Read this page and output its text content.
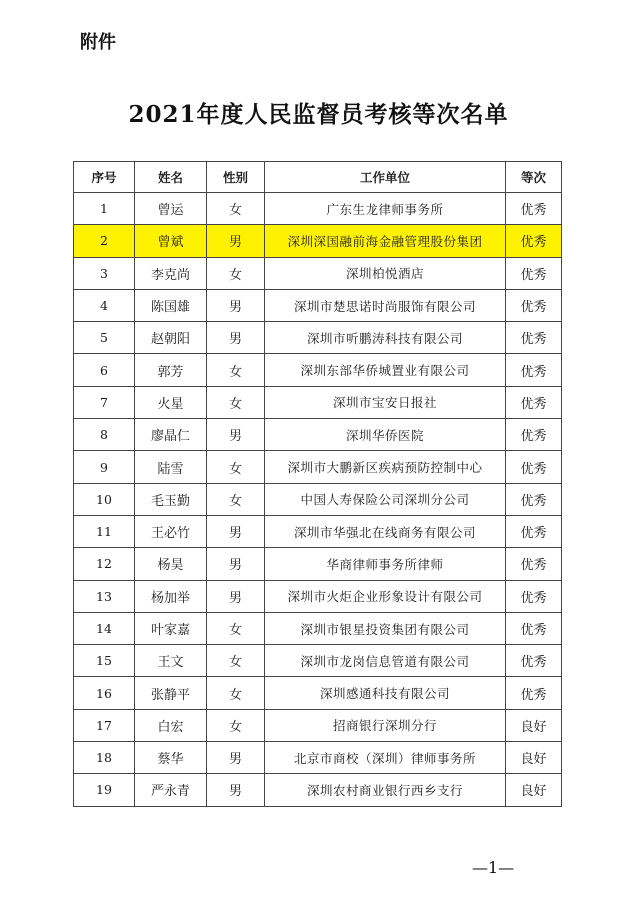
附件
2021年度人民监督员考核等次名单
序号	姓名	性别	工作单位	等次
1	曾运	女	广东生龙律师事务所	优秀
2	曾斌	男	深圳深国融前海金融管理股份集团	优秀
3	李克尚	女	深圳柏悦酒店	优秀
4	陈国雄	男	深圳市楚思诺时尚服饰有限公司	优秀
5	赵朝阳	男	深圳市听鹏涛科技有限公司	优秀
6	郭芳	女	深圳东部华侨城置业有限公司	优秀
7	火星	女	深圳市宝安日报社	优秀
8	廖晶仁	男	深圳华侨医院	优秀
9	陆雪	女	深圳市大鹏新区疾病预防控制中心	优秀
10	毛玉勤	女	中国人寿保险公司深圳分公司	优秀
11	王必竹	男	深圳市华强北在线商务有限公司	优秀
12	杨昊	男	华商律师事务所律师	优秀
13	杨加举	男	深圳市火炬企业形象设计有限公司	优秀
14	叶家嘉	女	深圳市银星投资集团有限公司	优秀
15	王文	女	深圳市龙岗信息管道有限公司	优秀
16	张静平	女	深圳感通科技有限公司	优秀
17	白宏	女	招商银行深圳分行	良好
18	蔡华	男	北京市商校（深圳）律师事务所	良好
19	严永青	男	深圳农村商业银行西乡支行	良好
—1—
